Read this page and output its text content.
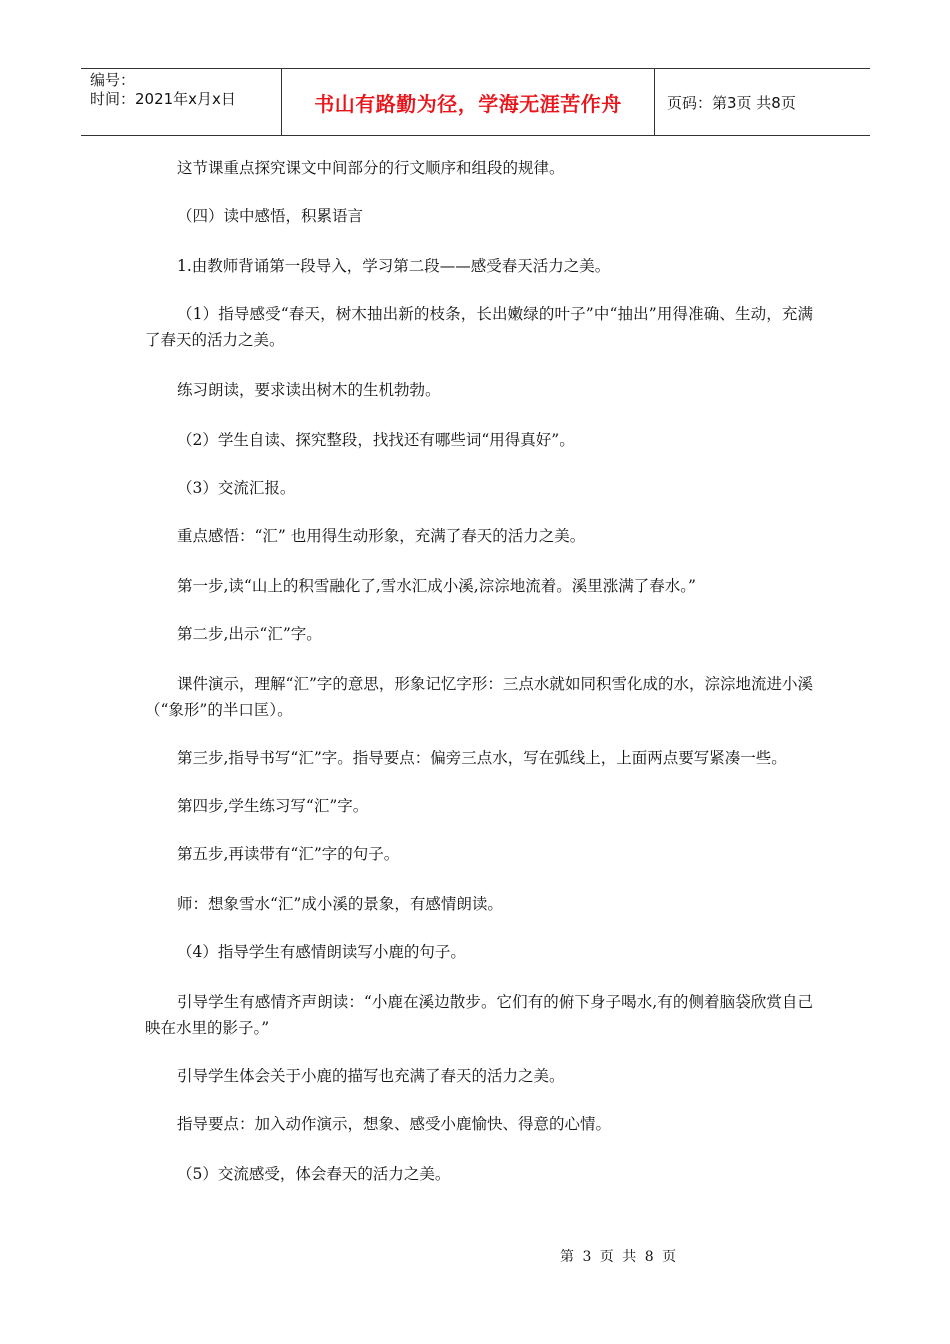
编号：
时间：2021年x月x日	书山有路勤为径，学海无涯苦作舟	页码：第3页 共8页

这节课重点探究课文中间部分的行文顺序和组段的规律。

（四）读中感悟，积累语言

1.由教师背诵第一段导入，学习第二段——感受春天活力之美。

（1）指导感受“春天，树木抽出新的枝条，长出嫩绿的叶子”中“抽出”用得准确、生动，充满了春天的活力之美。

练习朗读，要求读出树木的生机勃勃。

（2）学生自读、探究整段，找找还有哪些词“用得真好”。

（3）交流汇报。

重点感悟：“汇” 也用得生动形象，充满了春天的活力之美。

第一步,读“山上的积雪融化了,雪水汇成小溪,淙淙地流着。溪里涨满了春水。”

第二步,出示“汇”字。

课件演示，理解“汇”字的意思，形象记忆字形：三点水就如同积雪化成的水，淙淙地流进小溪（“象形”的半口匡）。

第三步,指导书写“汇”字。指导要点：偏旁三点水，写在弧线上，上面两点要写紧凑一些。

第四步,学生练习写“汇”字。

第五步,再读带有“汇”字的句子。

师：想象雪水“汇”成小溪的景象，有感情朗读。

（4）指导学生有感情朗读写小鹿的句子。

引导学生有感情齐声朗读：“小鹿在溪边散步。它们有的俯下身子喝水,有的侧着脑袋欣赏自己映在水里的影子。”

引导学生体会关于小鹿的描写也充满了春天的活力之美。

指导要点：加入动作演示，想象、感受小鹿愉快、得意的心情。

（5）交流感受，体会春天的活力之美。

第 3 页 共 8 页
